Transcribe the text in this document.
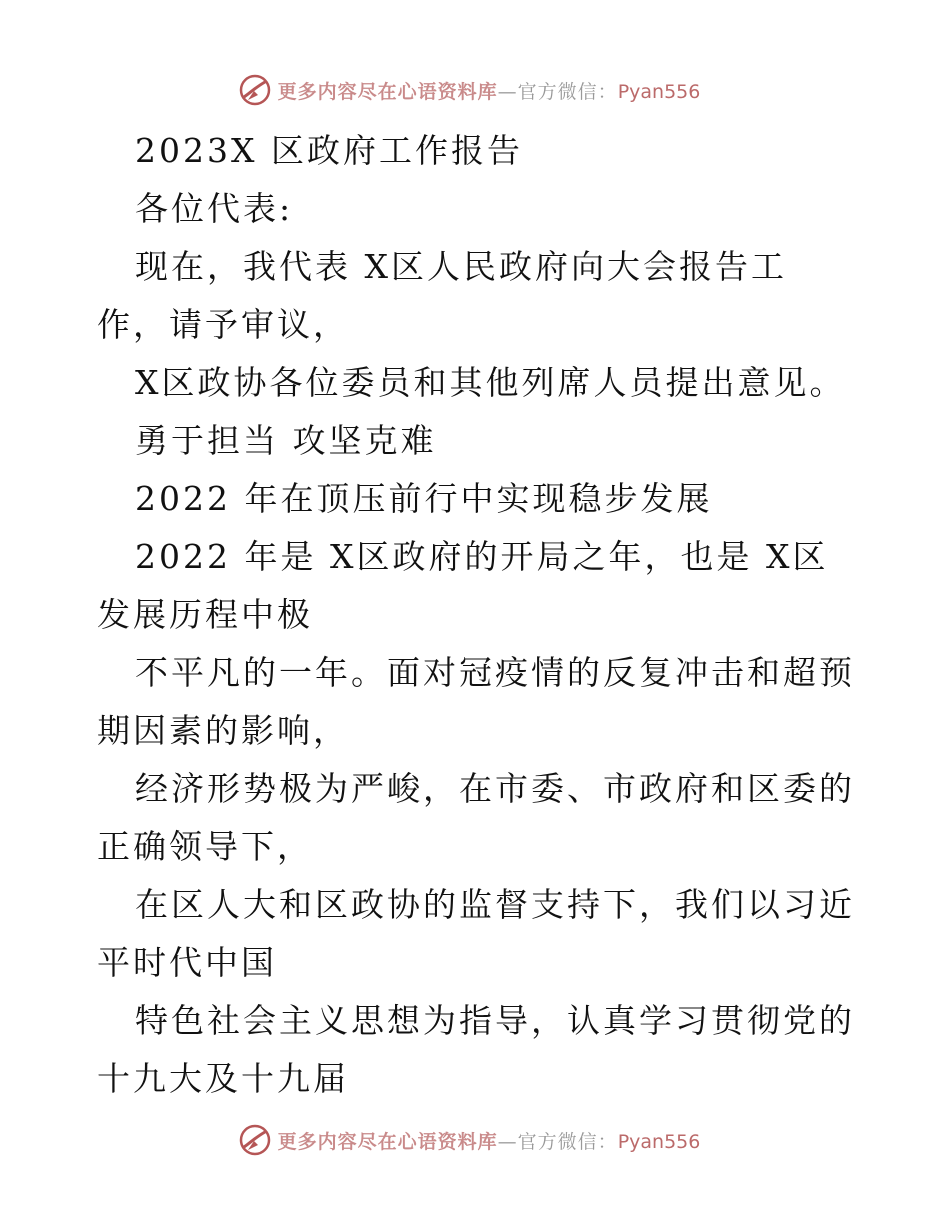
更多内容尽在心语资料库—官方微信：Pyan556

2023X 区政府工作报告

各位代表:

现在，我代表 X区人民政府向大会报告工作，请予审议，

X区政协各位委员和其他列席人员提出意见。

勇于担当 攻坚克难

2022 年在顶压前行中实现稳步发展

2022 年是 X区政府的开局之年，也是 X区发展历程中极

不平凡的一年。面对冠疫情的反复冲击和超预期因素的影响，

经济形势极为严峻，在市委、市政府和区委的正确领导下，

在区人大和区政协的监督支持下，我们以习近平时代中国

特色社会主义思想为指导，认真学习贯彻党的十九大及十九届

更多内容尽在心语资料库—官方微信：Pyan556
